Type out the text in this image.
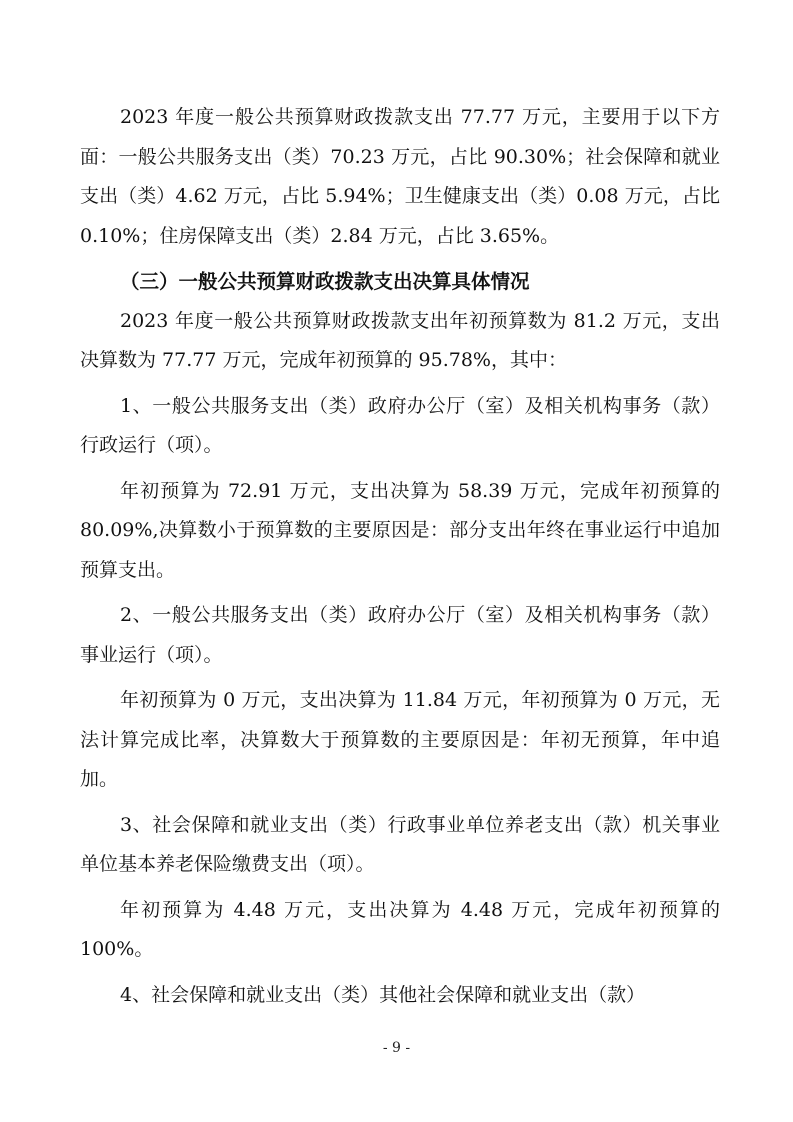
2023 年度一般公共预算财政拨款支出 77.77 万元，主要用于以下方面：一般公共服务支出（类）70.23 万元，占比 90.30%；社会保障和就业支出（类）4.62 万元，占比 5.94%；卫生健康支出（类）0.08 万元，占比 0.10%；住房保障支出（类）2.84 万元，占比 3.65%。

（三）一般公共预算财政拨款支出决算具体情况

2023 年度一般公共预算财政拨款支出年初预算数为 81.2 万元，支出决算数为 77.77 万元，完成年初预算的 95.78%，其中：

1、一般公共服务支出（类）政府办公厅（室）及相关机构事务（款）行政运行（项）。

年初预算为 72.91 万元，支出决算为 58.39 万元，完成年初预算的 80.09%,决算数小于预算数的主要原因是：部分支出年终在事业运行中追加预算支出。

2、一般公共服务支出（类）政府办公厅（室）及相关机构事务（款）事业运行（项）。

年初预算为 0 万元，支出决算为 11.84 万元，年初预算为 0 万元，无法计算完成比率，决算数大于预算数的主要原因是：年初无预算，年中追加。

3、社会保障和就业支出（类）行政事业单位养老支出（款）机关事业单位基本养老保险缴费支出（项）。

年初预算为 4.48 万元，支出决算为 4.48 万元，完成年初预算的 100%。

4、社会保障和就业支出（类）其他社会保障和就业支出（款）

- 9 -
